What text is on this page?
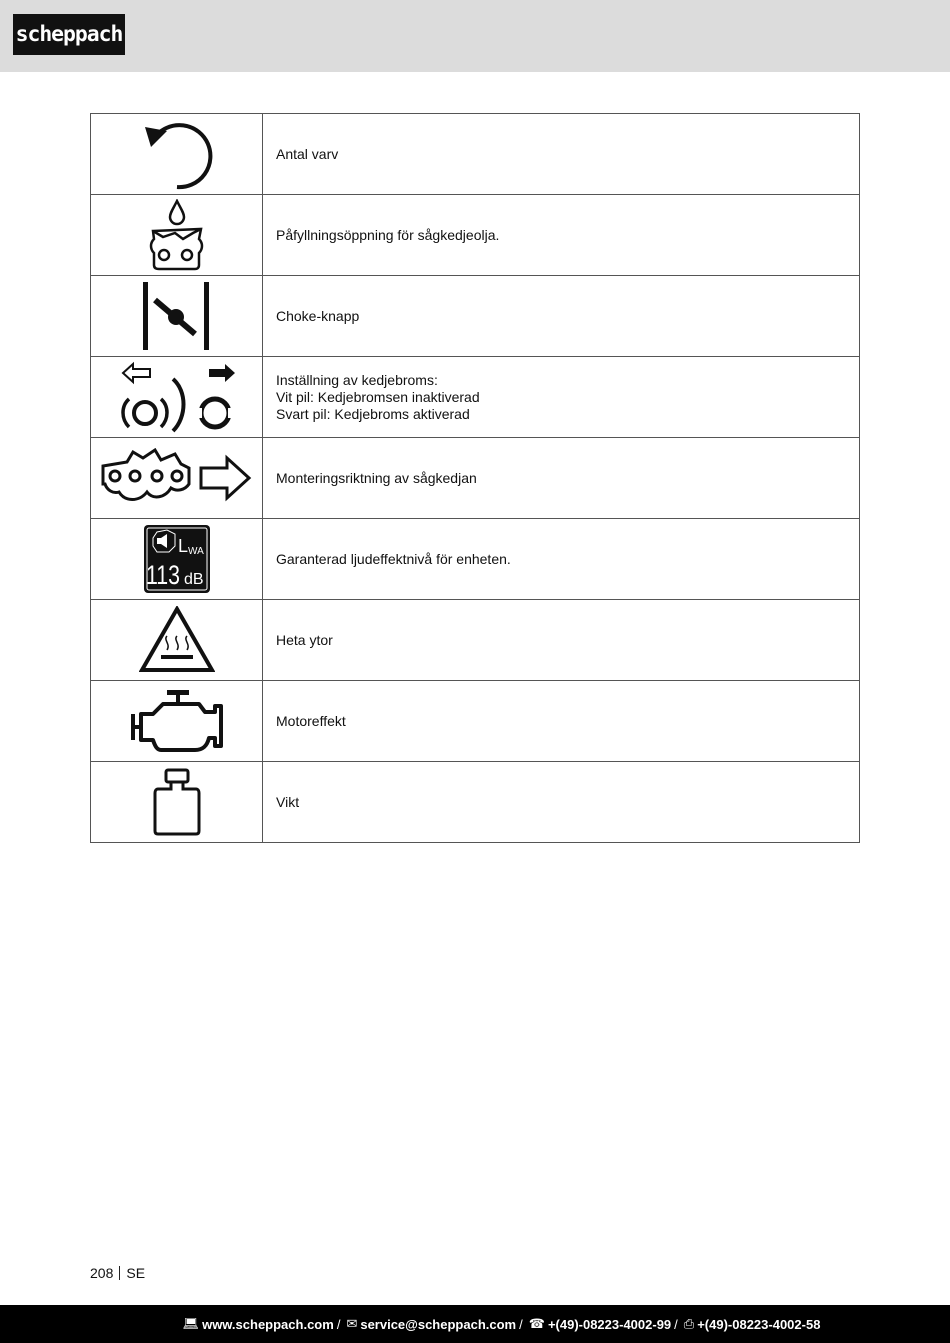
scheppach
	Antal varv

	Påfyllningsöppning för sågkedjeolja.

	Choke-knapp

Inställning av kedjebroms:
Vit pil: Kedjebromsen inaktiverad
Svart pil: Kedjebroms aktiverad

	Monteringsriktning av sågkedjan

L WA
113 dB	Garanterad ljudeffektnivå för enheten.

	Heta ytor

	Motoreffekt

	Vikt
208 SE
💻︎ www.scheppach.com / ✉︎ service@scheppach.com / ☎︎ +(49)-08223-4002-99 / ⎙︎ +(49)-08223-4002-58
